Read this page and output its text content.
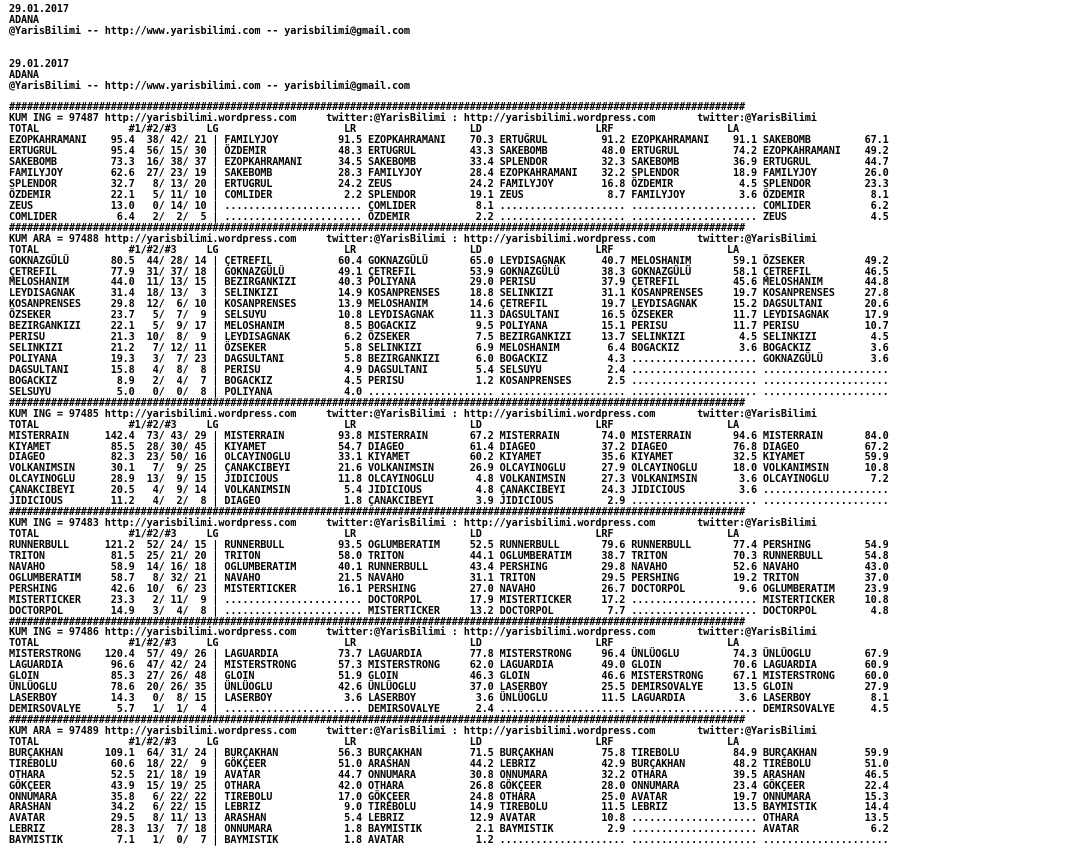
29.01.2017
ADANA
@YarisBilimi -- http://www.yarisbilimi.com -- yarisbilimi@gmail.com

29.01.2017
ADANA
@YarisBilimi -- http://www.yarisbilimi.com -- yarisbilimi@gmail.com

###########################################################################################################################
KUM ING = 97487 http://yarisbilimi.wordpress.com     twitter:@YarisBilimi : http://yarisbilimi.wordpress.com       twitter:@YarisBilimi
TOTAL               #1/#2/#3     LG                     LR                   LD                   LRF                   LA
EZOPKAHRAMANI    95.4  38/ 42/ 21 | FAMILYJOY          91.5 EZOPKAHRAMANI    70.3 ERTUĞRUL         91.2 EZOPKAHRAMANI    91.1 SAKEBOMB         67.1
ERTUGRUL         95.4  56/ 15/ 30 | ÖZDEMIR            48.3 ERTUGRUL         43.3 SAKEBOMB         48.0 ERTUGRUL         74.2 EZOPKAHRAMANI    49.2
SAKEBOMB         73.3  16/ 38/ 37 | EZOPKAHRAMANI      34.5 SAKEBOMB         33.4 SPLENDOR         32.3 SAKEBOMB         36.9 ERTUGRUL         44.7
FAMILYJOY        62.6  27/ 23/ 19 | SAKEBOMB           28.3 FAMILYJOY        28.4 EZOPKAHRAMANI    32.2 SPLENDOR         18.9 FAMILYJOY        26.0
SPLENDOR         32.7   8/ 13/ 20 | ERTUGRUL           24.2 ZEUS             24.2 FAMILYJOY        16.8 ÖZDEMIR           4.5 SPLENDOR         23.3
ÖZDEMIR          22.1   5/ 11/ 10 | COMLIDER            2.2 SPLENDOR         19.1 ZEUS              8.7 FAMILYJOY         3.6 ÖZDEMIR           8.1
ZEUS             13.0   0/ 14/ 10 | ....................... ÇOMLIDER          8.1 ..................... ..................... COMLIDER          6.2
COMLIDER          6.4   2/  2/  5 | ....................... ÖZDEMIR           2.2 ..................... ..................... ZEUS              4.5
###########################################################################################################################
KUM ARA = 97488 http://yarisbilimi.wordpress.com     twitter:@YarisBilimi : http://yarisbilimi.wordpress.com       twitter:@YarisBilimi
TOTAL               #1/#2/#3     LG                     LR                   LD                   LRF                   LA
GOKNAZGÜLÜ       80.5  44/ 28/ 14 | ÇETREFIL           60.4 GOKNAZGÜLÜ       65.0 LEYDISAGNAK      40.7 MELOSHANIM       59.1 ÖZSEKER          49.2
ÇETREFIL         77.9  31/ 37/ 18 | GOKNAZGÜLÜ         49.1 ÇETREFIL         53.9 GOKNAZGÜLÜ       38.3 GOKNAZGÜLÜ       58.1 ÇETREFIL         46.5
MELOSHANIM       44.0  11/ 13/ 15 | BEZIRGANKIZI       40.3 POLIYANA         29.0 PERISU           37.9 ÇETREFIL         45.6 MELOSHANIM       44.8
LEYDISAGNAK      31.4  18/ 13/  3 | SELINKIZI          14.9 KOSANPRENSES     18.8 SELINKIZI        31.1 KOSANPRENSES     19.7 KOSANPRENSES     27.8
KOSANPRENSES     29.8  12/  6/ 10 | KOSANPRENSES       13.9 MELOSHANIM       14.6 ÇETREFIL         19.7 LEYDISAGNAK      15.2 DAGSULTANI       20.6
ÖZSEKER          23.7   5/  7/  9 | SELSUYU            10.8 LEYDISAGNAK      11.3 DAGSULTANI       16.5 ÖZSEKER          11.7 LEYDISAGNAK      17.9
BEZIRGANKIZI     22.1   5/  9/ 17 | MELOSHANIM          8.5 BOGACKIZ          9.5 POLIYANA         15.1 PERISU           11.7 PERISU           10.7
PERISU           21.3  10/  8/  9 | LEYDISAGNAK         6.2 ÖZSEKER           7.5 BEZIRGANKIZI     13.7 SELINKIZI         4.5 SELINKIZI         4.5
SELINKIZI        21.2   7/ 12/ 11 | ÖZSEKER             5.8 SELINKIZI         6.9 MELOSHANIM        6.4 BOGACKIZ          3.6 BOGACKIZ          3.6
POLIYANA         19.3   3/  7/ 23 | DAGSULTANI          5.8 BEZIRGANKIZI      6.0 BOGACKIZ          4.3 ..................... GOKNAZGÜLÜ        3.6
DAGSULTANI       15.8   4/  8/  8 | PERISU              4.9 DAGSULTANI        5.4 SELSUYU           2.4 ..................... .....................
BOGACKIZ          8.9   2/  4/  7 | BOGACKIZ            4.5 PERISU            1.2 KOSANPRENSES      2.5 ..................... .....................
SELSUYU           5.0   0/  0/  8 | POLIYANA            4.0 ..................... ..................... ..................... .....................
###########################################################################################################################
KUM ING = 97485 http://yarisbilimi.wordpress.com     twitter:@YarisBilimi : http://yarisbilimi.wordpress.com       twitter:@YarisBilimi
TOTAL               #1/#2/#3     LG                     LR                   LD                   LRF                   LA
MISTERRAIN      142.4  73/ 43/ 29 | MISTERRAIN         93.8 MISTERRAIN       67.2 MISTERRAIN       74.0 MISTERRAIN       94.6 MISTERRAIN       84.0
KIYAMET          85.5  28/ 30/ 45 | KIYAMET            54.7 DIAGEO           61.4 DIAGEO           37.2 DIAGEO           76.8 DIAGEO           67.2
DIAGEO           82.3  23/ 50/ 16 | OLCAYINOGLU        33.1 KIYAMET          60.2 KIYAMET          35.6 KIYAMET          32.5 KIYAMET          59.9
VOLKANIMSIN      30.1   7/  9/ 25 | ÇANAKCIBEYI        21.6 VOLKANIMSIN      26.9 OLCAYINOGLU      27.9 OLCAYINOGLU      18.0 VOLKANIMSIN      10.8
OLCAYINOGLU      28.9  13/  9/ 15 | JIDICIOUS          11.8 OLCAYINOGLU       4.8 VOLKANIMSIN      27.3 VOLKANIMSIN       3.6 OLCAYINOGLU       7.2
ÇANAKCIBEYI      20.5   4/  9/ 14 | VOLKANIMSIN         5.4 JIDICIOUS         4.8 ÇANAKCIBEYI      24.3 JIDICIOUS         3.6 .....................
JIDICIOUS        11.2   4/  2/  8 | DIAGEO              1.8 ÇANAKCIBEYI       3.9 JIDICIOUS         2.9 ..................... .....................
###########################################################################################################################
KUM ING = 97483 http://yarisbilimi.wordpress.com     twitter:@YarisBilimi : http://yarisbilimi.wordpress.com       twitter:@YarisBilimi
TOTAL               #1/#2/#3     LG                     LR                   LD                   LRF                   LA
RUNNERBULL      121.2  52/ 24/ 15 | RUNNERBULL         93.5 OGLUMBERATIM     52.5 RUNNERBULL       79.6 RUNNERBULL       77.4 PERSHING         54.9
TRITON           81.5  25/ 21/ 20 | TRITON             58.0 TRITON           44.1 OGLUMBERATIM     38.7 TRITON           70.3 RUNNERBULL       54.8
NAVAHO           58.9  14/ 16/ 18 | OGLUMBERATIM       40.1 RUNNERBULL       43.4 PERSHING         29.8 NAVAHO           52.6 NAVAHO           43.0
OGLUMBERATIM     58.7   8/ 32/ 21 | NAVAHO             21.5 NAVAHO           31.1 TRITON           29.5 PERSHING         19.2 TRITON           37.0
PERSHING         42.6  10/  6/ 23 | MISTERTICKER       16.1 PERSHING         27.0 NAVAHO           26.7 DOCTORPOL         9.6 OGLUMBERATIM     23.9
MISTERTICKER     23.3   2/ 11/  9 | ....................... DOCTORPOL        17.9 MISTERTICKER     17.2 ..................... MISTERTICKER     10.8
DOCTORPOL        14.9   3/  4/  8 | ....................... MISTERTICKER     13.2 DOCTORPOL         7.7 ..................... DOCTORPOL         4.8
###########################################################################################################################
KUM ING = 97486 http://yarisbilimi.wordpress.com     twitter:@YarisBilimi : http://yarisbilimi.wordpress.com       twitter:@YarisBilimi
TOTAL               #1/#2/#3     LG                     LR                   LD                   LRF                   LA
MISTERSTRONG    120.4  57/ 49/ 26 | LAGUARDIA          73.7 LAGUARDIA        77.8 MISTERSTRONG     96.4 ÜNLÜOGLU         74.3 ÜNLÜOGLU         67.9
LAGUARDIA        96.6  47/ 42/ 24 | MISTERSTRONG       57.3 MISTERSTRONG     62.0 LAGUARDIA        49.0 GLOIN            70.6 LAGUARDIA        60.9
GLOIN            85.3  27/ 26/ 48 | GLOIN              51.9 GLOIN            46.3 GLOIN            46.6 MISTERSTRONG     67.1 MISTERSTRONG     60.0
ÜNLÜOGLU         78.6  20/ 26/ 35 | ÜNLÜOGLU           42.6 ÜNLÜOGLU         37.0 LASERBOY         25.5 DEMIRSOVALYE     13.5 GLOIN            27.9
LASERBOY         14.3   0/  8/ 15 | LASERBOY            3.6 LASERBOY          3.6 ÜNLÜOGLU         11.5 LAGUARDIA         3.6 LASERBOY          8.1
DEMIRSOVALYE      5.7   1/  1/  4 | ....................... DEMIRSOVALYE      2.4 ..................... ..................... DEMIRSOVALYE      4.5
###########################################################################################################################
KUM ARA = 97489 http://yarisbilimi.wordpress.com     twitter:@YarisBilimi : http://yarisbilimi.wordpress.com       twitter:@YarisBilimi
TOTAL               #1/#2/#3     LG                     LR                   LD                   LRF                   LA
BURÇAKHAN       109.1  64/ 31/ 24 | BURÇAKHAN          56.3 BURÇAKHAN        71.5 BURÇAKHAN        75.8 TIREBOLU         84.9 BURÇAKHAN        59.9
TIREBOLU         60.6  18/ 22/  9 | GÖKÇEER            51.0 ARASHAN          44.2 LEBRIZ           42.9 BURÇAKHAN        48.2 TIREBOLU         51.0
OTHARA           52.5  21/ 18/ 19 | AVATAR             44.7 ONNUMARA         30.8 ONNUMARA         32.2 OTHARA           39.5 ARASHAN          46.5
GÖKÇEER          43.9  15/ 19/ 25 | OTHARA             42.0 OTHARA           26.8 GÖKÇEER          28.0 ONNUMARA         23.4 GÖKÇEER          22.4
ONNUMARA         35.8   6/ 22/ 22 | TIREBOLU           17.0 GÖKÇEER          24.8 OTHARA           25.0 AVATAR           19.7 ONNUMARA         15.3
ARASHAN          34.2   6/ 22/ 15 | LEBRIZ              9.0 TIREBOLU         14.9 TIREBOLU         11.5 LEBRIZ           13.5 BAYMISTIK        14.4
AVATAR           29.5   8/ 11/ 13 | ARASHAN             5.4 LEBRIZ           12.9 AVATAR           10.8 ..................... OTHARA           13.5
LEBRIZ           28.3  13/  7/ 18 | ONNUMARA            1.8 BAYMISTIK         2.1 BAYMISTIK         2.9 ..................... AVATAR            6.2
BAYMISTIK         7.1   1/  0/  7 | BAYMISTIK           1.8 AVATAR            1.2 ..................... ..................... .....................
